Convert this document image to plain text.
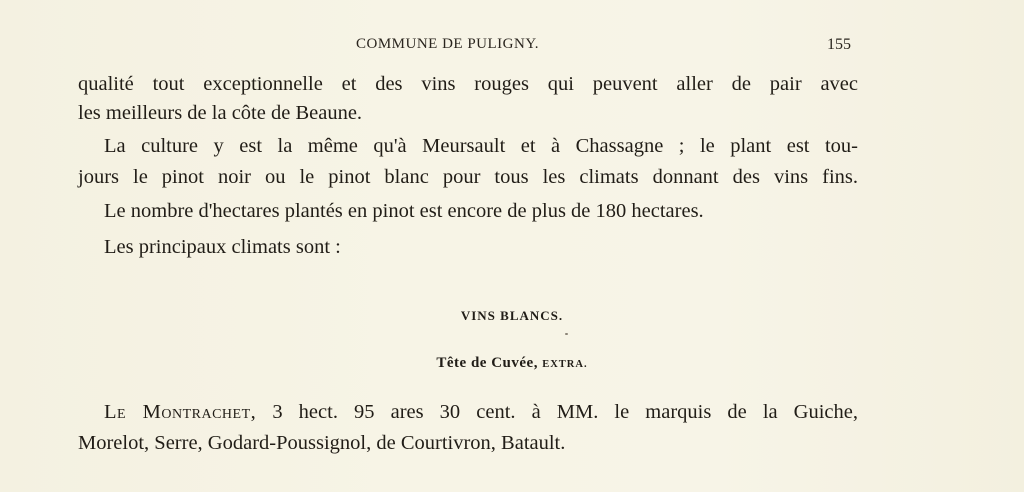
COMMUNE DE PULIGNY.	155
qualité tout exceptionnelle et des vins rouges qui peuvent aller de pair avec
les meilleurs de la côte de Beaune.
La culture y est la même qu'à Meursault et à Chassagne ; le plant est tou-
jours le pinot noir ou le pinot blanc pour tous les climats donnant des vins fins.
Le nombre d'hectares plantés en pinot est encore de plus de 180 hectares.
Les principaux climats sont :
VINS BLANCS.
Tête de Cuvée, EXTRA.
Le Montrachet, 3 hect. 95 ares 30 cent. à MM. le marquis de la Guiche,
Morelot, Serre, Godard-Poussignol, de Courtivron, Batault.
